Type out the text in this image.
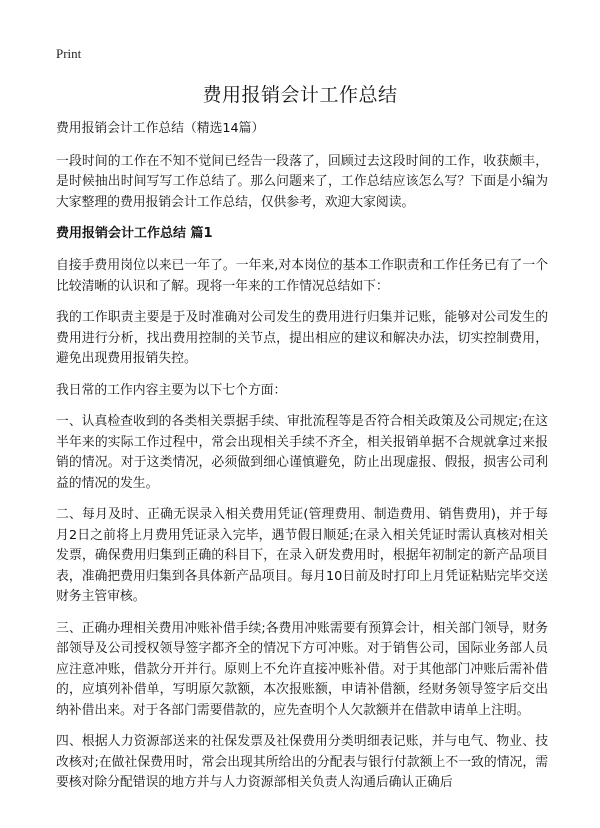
Print
费用报销会计工作总结

费用报销会计工作总结（精选14篇）

一段时间的工作在不知不觉间已经告一段落了，回顾过去这段时间的工作，收获颇丰，是时候抽出时间写写工作总结了。那么问题来了，工作总结应该怎么写？下面是小编为大家整理的费用报销会计工作总结，仅供参考，欢迎大家阅读。

费用报销会计工作总结 篇1

自接手费用岗位以来已一年了。一年来,对本岗位的基本工作职责和工作任务已有了一个比较清晰的认识和了解。现将一年来的工作情况总结如下：

我的工作职责主要是于及时准确对公司发生的费用进行归集并记账，能够对公司发生的费用进行分析，找出费用控制的关节点，提出相应的建议和解决办法，切实控制费用，避免出现费用报销失控。

我日常的工作内容主要为以下七个方面：

一、认真检查收到的各类相关票据手续、审批流程等是否符合相关政策及公司规定;在这半年来的实际工作过程中，常会出现相关手续不齐全，相关报销单据不合规就拿过来报销的情况。对于这类情况，必须做到细心谨慎避免，防止出现虚报、假报，损害公司利益的情况的发生。

二、每月及时、正确无误录入相关费用凭证(管理费用、制造费用、销售费用)，并于每月2日之前将上月费用凭证录入完毕，遇节假日顺延;在录入相关凭证时需认真核对相关发票，确保费用归集到正确的科目下，在录入研发费用时，根据年初制定的新产品项目表，准确把费用归集到各具体新产品项目。每月10日前及时打印上月凭证粘贴完毕交送财务主管审核。

三、正确办理相关费用冲账补借手续;各费用冲账需要有预算会计，相关部门领导，财务部领导及公司授权领导签字都齐全的情况下方可冲账。对于销售公司，国际业务部人员应注意冲账，借款分开并行。原则上不允许直接冲账补借。对于其他部门冲账后需补借的，应填列补借单，写明原欠款额，本次报账额，申请补借额，经财务领导签字后交出纳补借出来。对于各部门需要借款的，应先查明个人欠款额并在借款申请单上注明。

四、根据人力资源部送来的社保发票及社保费用分类明细表记账，并与电气、物业、技改核对;在做社保费用时，常会出现其所给出的分配表与银行付款额上不一致的情况，需要核对除分配错误的地方并与人力资源部相关负责人沟通后确认正确后
